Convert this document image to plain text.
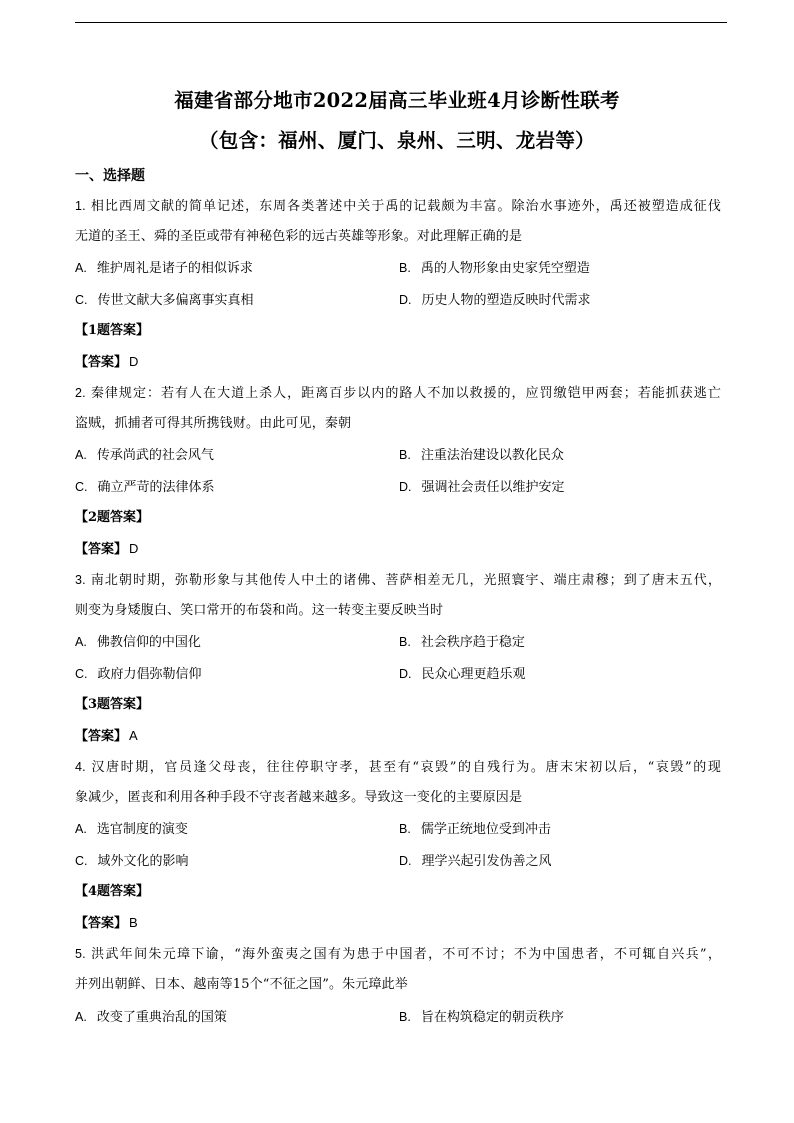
福建省部分地市2022届高三毕业班4月诊断性联考
（包含：福州、厦门、泉州、三明、龙岩等）
一、选择题
1. 相比西周文献的简单记述，东周各类著述中关于禹的记载颇为丰富。除治水事迹外，禹还被塑造成征伐
无道的圣王、舜的圣臣或带有神秘色彩的远古英雄等形象。对此理解正确的是
A. 维护周礼是诸子的相似诉求	B. 禹的人物形象由史家凭空塑造
C. 传世文献大多偏离事实真相	D. 历史人物的塑造反映时代需求
【1题答案】
【答案】 D
2. 秦律规定：若有人在大道上杀人，距离百步以内的路人不加以救援的，应罚缴铠甲两套；若能抓获逃亡
盗贼，抓捕者可得其所携钱财。由此可见，秦朝
A. 传承尚武的社会风气	B. 注重法治建设以教化民众
C. 确立严苛的法律体系	D. 强调社会责任以维护安定
【2题答案】
【答案】 D
3. 南北朝时期，弥勒形象与其他传人中土的诸佛、菩萨相差无几，光照寰宇、端庄肃穆；到了唐末五代，
则变为身矮腹白、笑口常开的布袋和尚。这一转变主要反映当时
A. 佛教信仰的中国化	B. 社会秩序趋于稳定
C. 政府力倡弥勒信仰	D. 民众心理更趋乐观
【3题答案】
【答案】 A
4. 汉唐时期，官员逢父母丧，往往停职守孝，甚至有“哀毁”的自残行为。唐末宋初以后，“哀毁”的现
象减少，匿丧和利用各种手段不守丧者越来越多。导致这一变化的主要原因是
A. 选官制度的演变	B. 儒学正统地位受到冲击
C. 域外文化的影响	D. 理学兴起引发伪善之风
【4题答案】
【答案】 B
5. 洪武年间朱元璋下谕，“海外蛮夷之国有为患于中国者，不可不讨；不为中国患者，不可辄自兴兵”，
并列出朝鲜、日本、越南等15个“不征之国”。朱元璋此举
A. 改变了重典治乱的国策	B. 旨在构筑稳定的朝贡秩序
